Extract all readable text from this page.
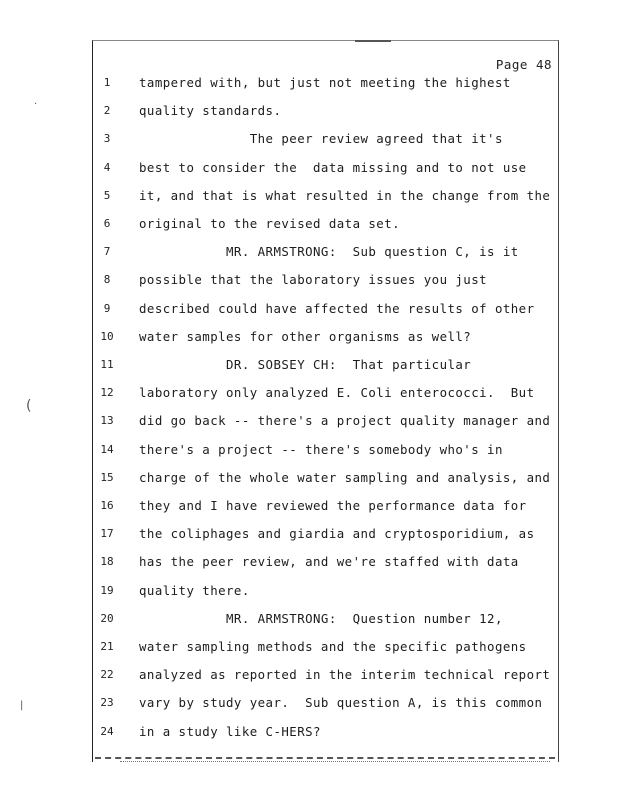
.
(
|
Page 48
1	tampered with, but just not meeting the highest
2	quality standards.
3	The peer review agreed that it's
4	best to consider the  data missing and to not use
5	it, and that is what resulted in the change from the
6	original to the revised data set.
7	MR. ARMSTRONG:  Sub question C, is it
8	possible that the laboratory issues you just
9	described could have affected the results of other
10	water samples for other organisms as well?
11	DR. SOBSEY CH:  That particular
12	laboratory only analyzed E. Coli enterococci.  But
13	did go back -- there's a project quality manager and
14	there's a project -- there's somebody who's in
15	charge of the whole water sampling and analysis, and
16	they and I have reviewed the performance data for
17	the coliphages and giardia and cryptosporidium, as
18	has the peer review, and we're staffed with data
19	quality there.
20	MR. ARMSTRONG:  Question number 12,
21	water sampling methods and the specific pathogens
22	analyzed as reported in the interim technical report
23	vary by study year.  Sub question A, is this common
24	in a study like C-HERS?
